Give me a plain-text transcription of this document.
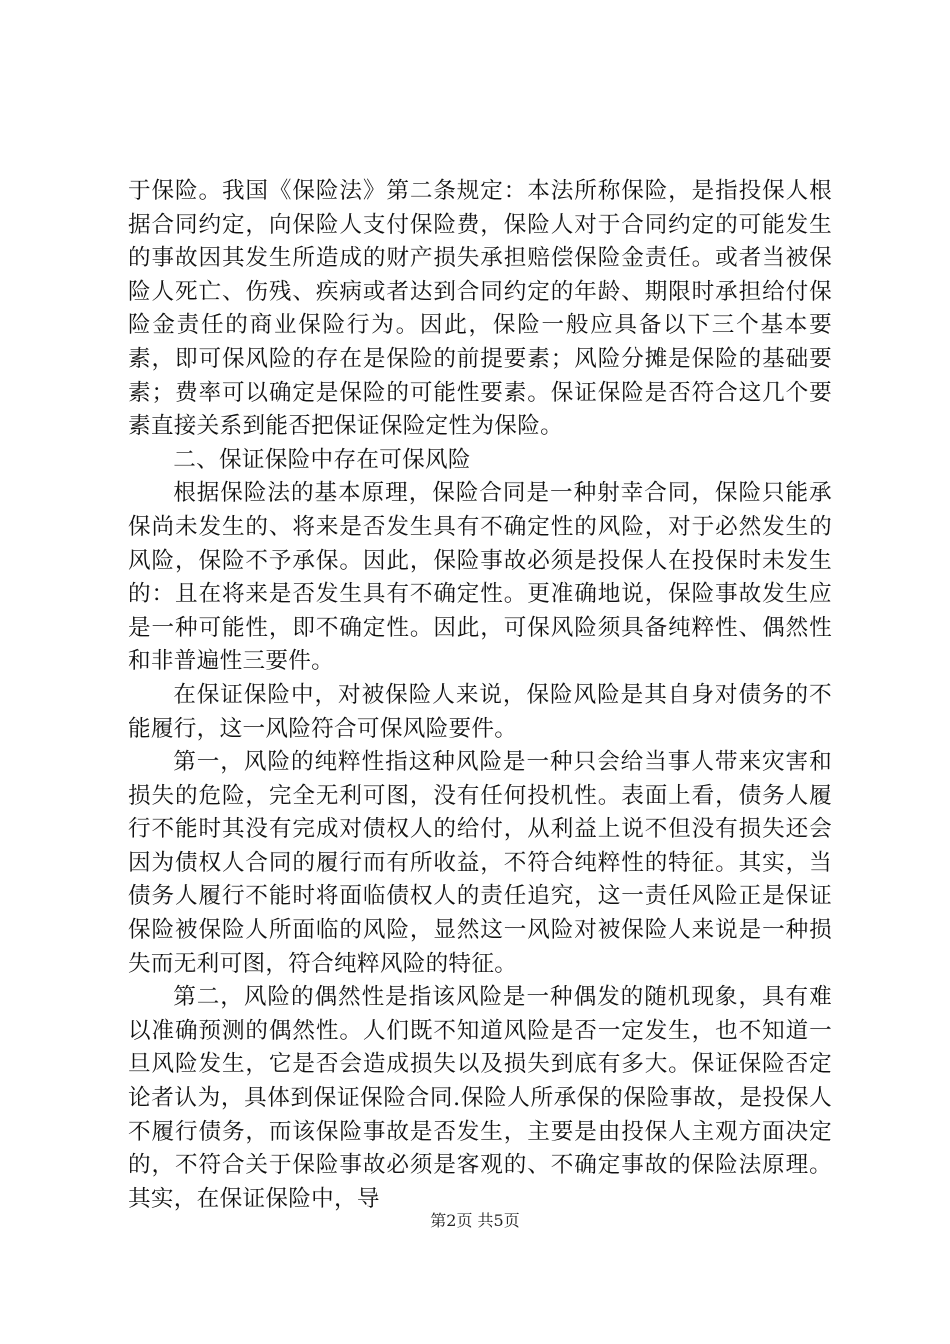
于保险。我国《保险法》第二条规定：本法所称保险，是指投保人根据合同约定，向保险人支付保险费，保险人对于合同约定的可能发生的事故因其发生所造成的财产损失承担赔偿保险金责任。或者当被保险人死亡、伤残、疾病或者达到合同约定的年龄、期限时承担给付保险金责任的商业保险行为。因此，保险一般应具备以下三个基本要素，即可保风险的存在是保险的前提要素；风险分摊是保险的基础要素；费率可以确定是保险的可能性要素。保证保险是否符合这几个要素直接关系到能否把保证保险定性为保险。

二、保证保险中存在可保风险

根据保险法的基本原理，保险合同是一种射幸合同，保险只能承保尚未发生的、将来是否发生具有不确定性的风险，对于必然发生的风险，保险不予承保。因此，保险事故必须是投保人在投保时未发生的：且在将来是否发生具有不确定性。更准确地说，保险事故发生应是一种可能性，即不确定性。因此，可保风险须具备纯粹性、偶然性和非普遍性三要件。

在保证保险中，对被保险人来说，保险风险是其自身对债务的不能履行，这一风险符合可保风险要件。

第一，风险的纯粹性指这种风险是一种只会给当事人带来灾害和损失的危险，完全无利可图，没有任何投机性。表面上看，债务人履行不能时其没有完成对债权人的给付，从利益上说不但没有损失还会因为债权人合同的履行而有所收益，不符合纯粹性的特征。其实，当债务人履行不能时将面临债权人的责任追究，这一责任风险正是保证保险被保险人所面临的风险，显然这一风险对被保险人来说是一种损失而无利可图，符合纯粹风险的特征。

第二，风险的偶然性是指该风险是一种偶发的随机现象，具有难以准确预测的偶然性。人们既不知道风险是否一定发生，也不知道一旦风险发生，它是否会造成损失以及损失到底有多大。保证保险否定论者认为，具体到保证保险合同.保险人所承保的保险事故，是投保人不履行债务，而该保险事故是否发生，主要是由投保人主观方面决定的，不符合关于保险事故必须是客观的、不确定事故的保险法原理。其实，在保证保险中，导

第2页 共5页
